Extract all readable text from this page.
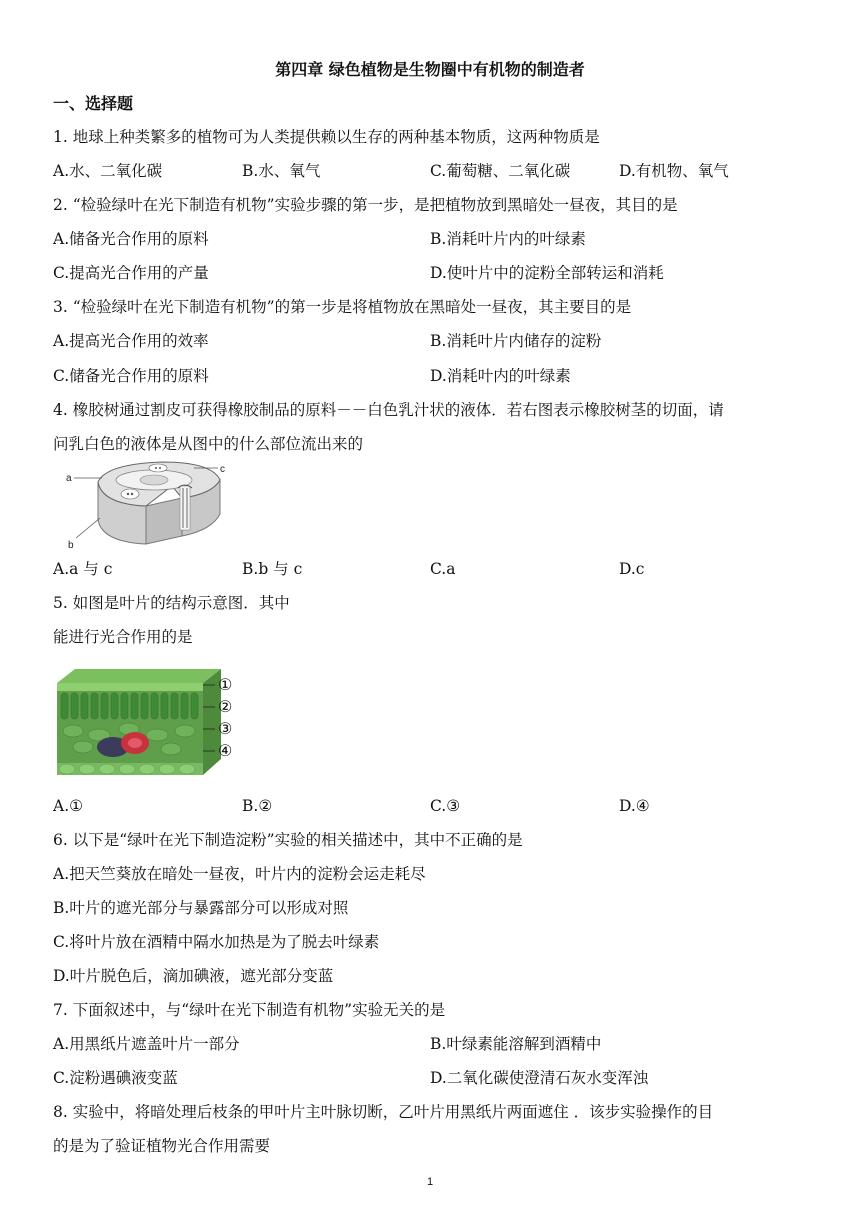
第四章 绿色植物是生物圈中有机物的制造者
一、选择题
1. 地球上种类繁多的植物可为人类提供赖以生存的两种基本物质，这两种物质是
A.水、二氧化碳	B.水、氧气	C.葡萄糖、二氧化碳	D.有机物、氧气
2. “检验绿叶在光下制造有机物”实验步骤的第一步，是把植物放到黑暗处一昼夜，其目的是
A.储备光合作用的原料	B.消耗叶片内的叶绿素
C.提高光合作用的产量	D.使叶片中的淀粉全部转运和消耗
3. “检验绿叶在光下制造有机物”的第一步是将植物放在黑暗处一昼夜，其主要目的是
A.提高光合作用的效率	B.消耗叶片内储存的淀粉
C.储备光合作用的原料	D.消耗叶内的叶绿素
4. 橡胶树通过割皮可获得橡胶制品的原料－－白色乳汁状的液体．若右图表示橡胶树茎的切面，请
问乳白色的液体是从图中的什么部位流出来的
a
b
c
A.a 与 c	B.b 与 c	C.a	D.c
5. 如图是叶片的结构示意图．其中
能进行光合作用的是
①
②
③
④
A.①	B.②	C.③	D.④
6. 以下是“绿叶在光下制造淀粉”实验的相关描述中，其中不正确的是
A.把天竺葵放在暗处一昼夜，叶片内的淀粉会运走耗尽
B.叶片的遮光部分与暴露部分可以形成对照
C.将叶片放在酒精中隔水加热是为了脱去叶绿素
D.叶片脱色后，滴加碘液，遮光部分变蓝
7. 下面叙述中，与“绿叶在光下制造有机物”实验无关的是
A.用黑纸片遮盖叶片一部分	B.叶绿素能溶解到酒精中
C.淀粉遇碘液变蓝	D.二氧化碳使澄清石灰水变浑浊
8. 实验中，将暗处理后枝条的甲叶片主叶脉切断，乙叶片用黑纸片两面遮住 ．该步实验操作的目
的是为了验证植物光合作用需要
1
